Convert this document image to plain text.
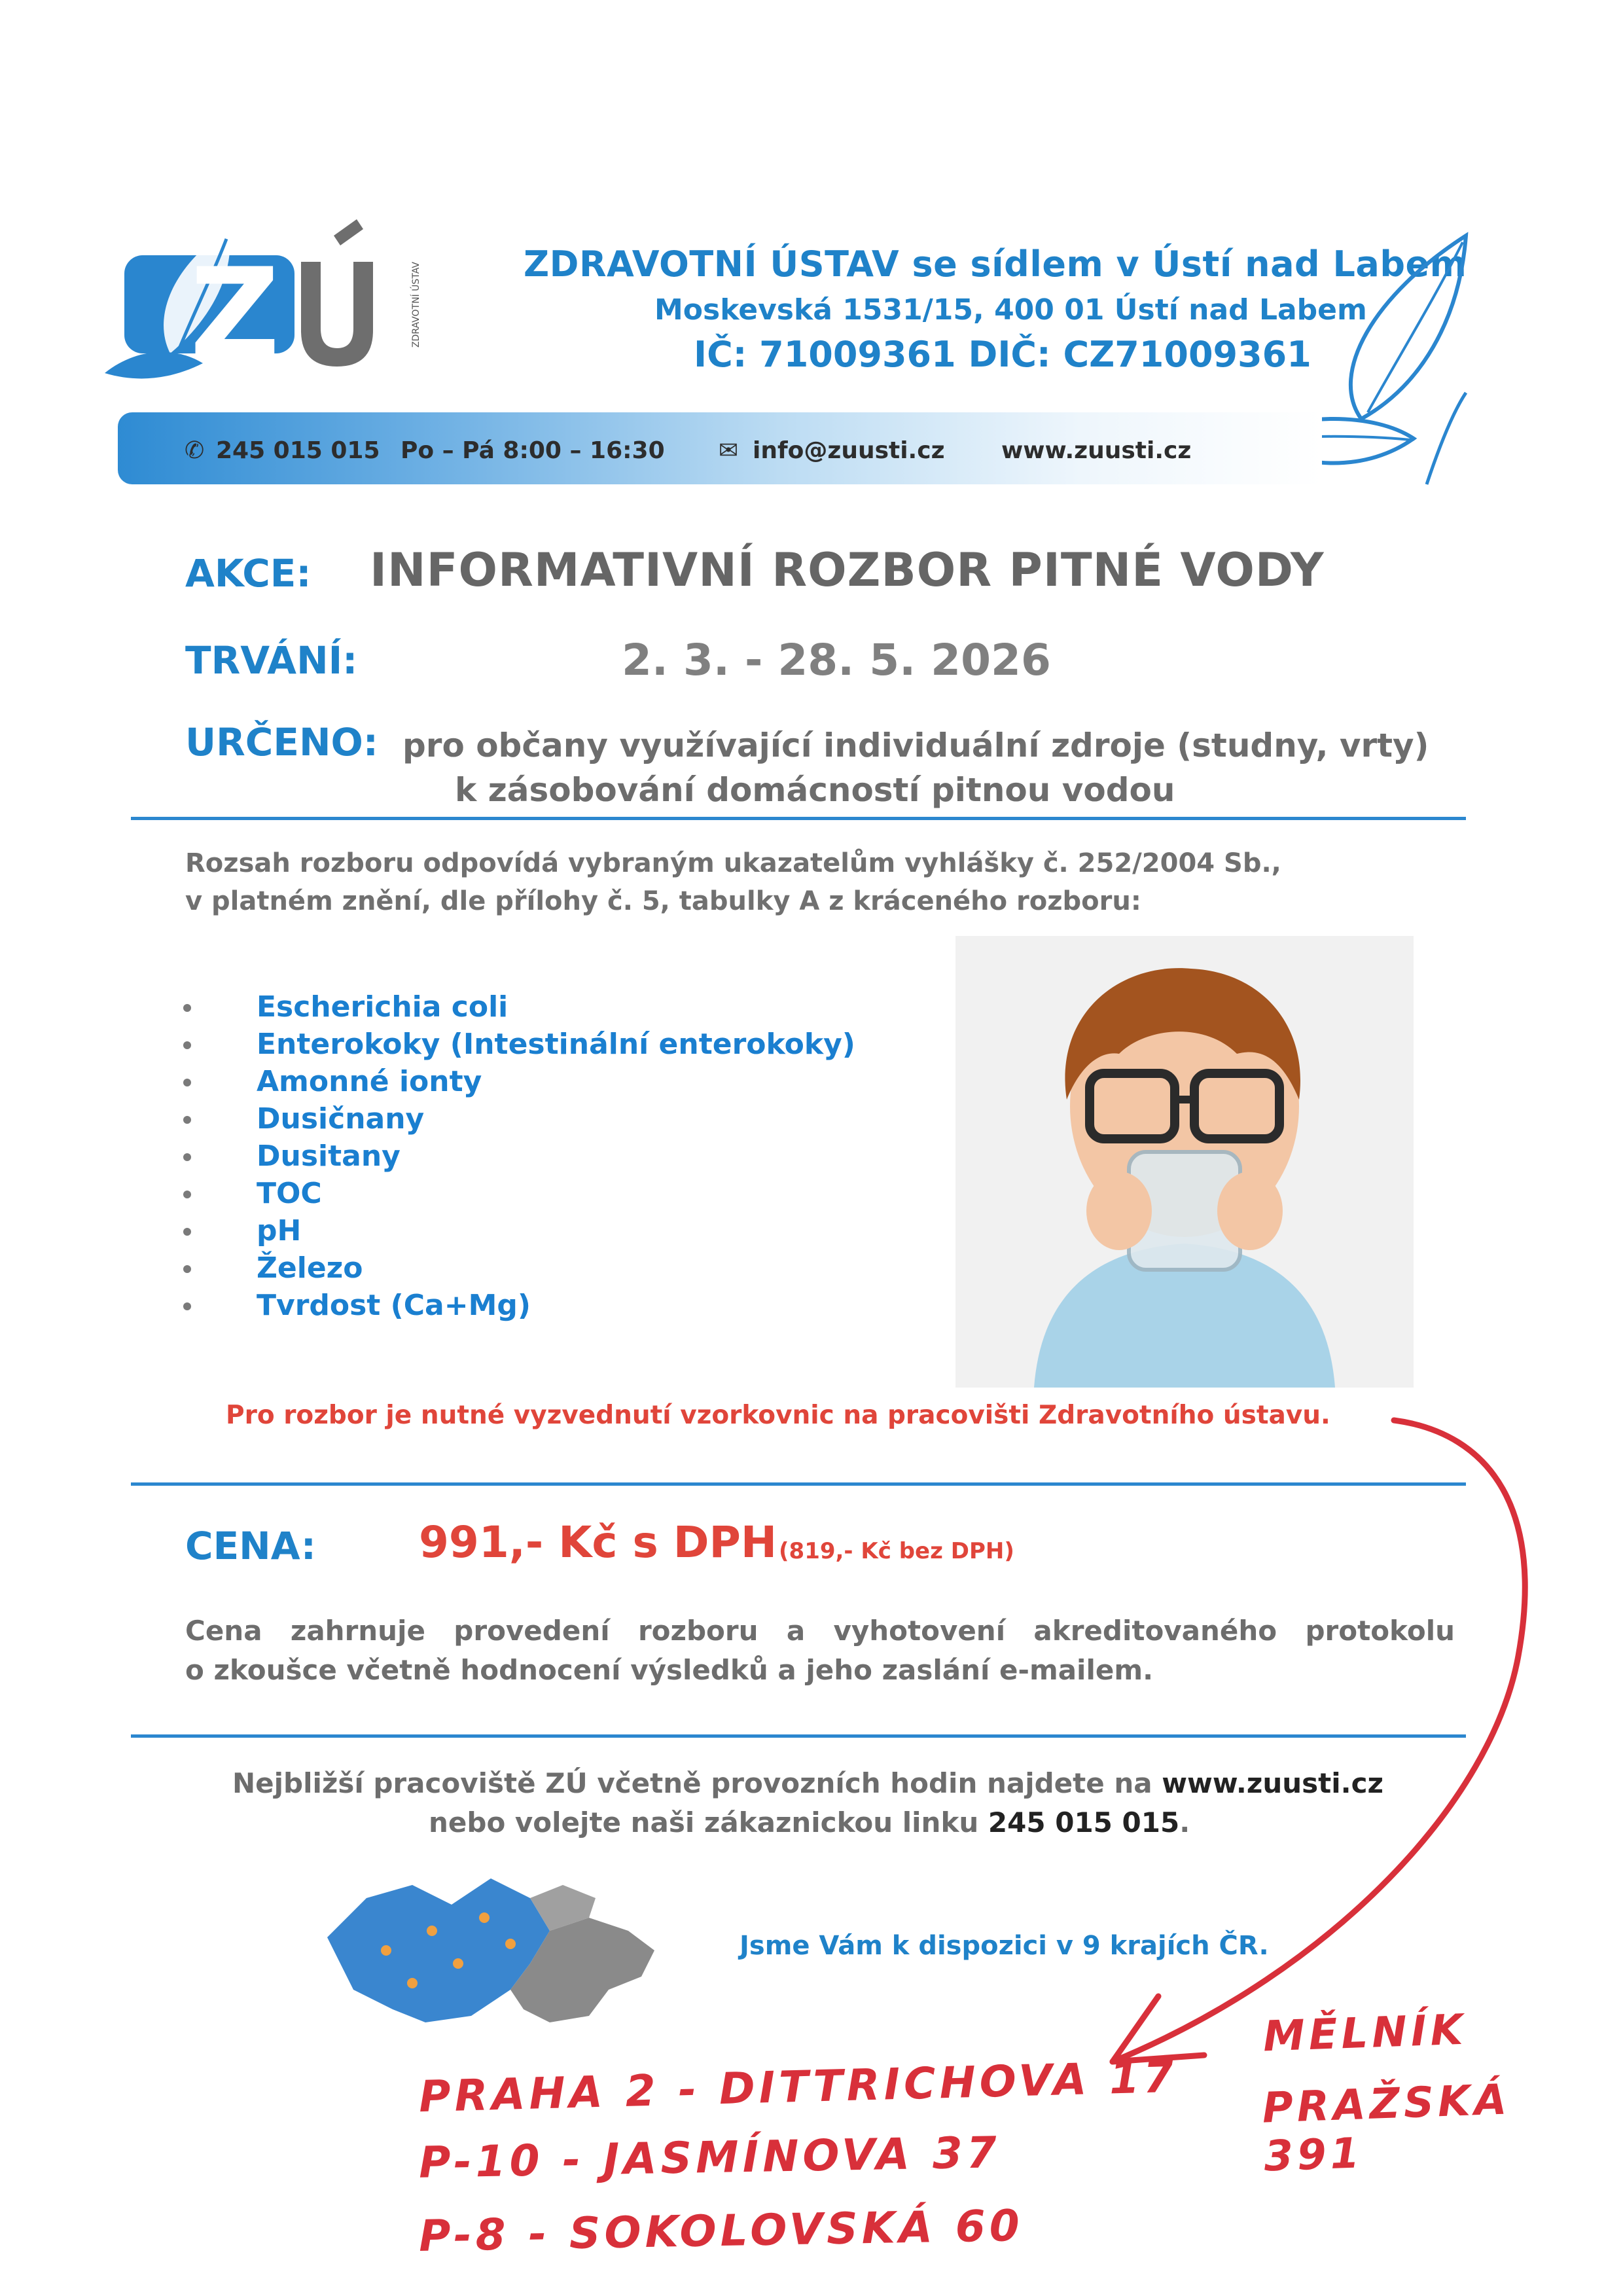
Z	ZDRAVOTNÍ ÚSTAV	ZDRAVOTNÍ ÚSTAV se sídlem v Ústí nad Labem
Moskevská 1531/15, 400 01 Ústí nad Labem
IČ: 71009361 DIČ: CZ71009361
✆ 245 015 015 Po – Pá 8:00 – 16:30 ✉ info@zuusti.cz www.zuusti.cz
AKCE: INFORMATIVNÍ ROZBOR PITNÉ VODY
TRVÁNÍ:	2. 3. - 28. 5. 2026
URČENO: pro občany využívající individuální zdroje (studny, vrty)
k zásobování domácností pitnou vodou
Rozsah rozboru odpovídá vybraným ukazatelům vyhlášky č. 252/2004 Sb.,
v platném znění, dle přílohy č. 5, tabulky A z kráceného rozboru:
Escherichia coli
Enterokoky (Intestinální enterokoky)
Amonné ionty
Dusičnany
Dusitany
TOC
pH
Železo
Tvrdost (Ca+Mg)
Pro rozbor je nutné vyzvednutí vzorkovnic na pracovišti Zdravotního ústavu.
CENA: 991,- Kč s DPH (819,- Kč bez DPH)
Cena zahrnuje provedení rozboru a vyhotovení akreditovaného protokolu
o zkoušce včetně hodnocení výsledků a jeho zaslání e-mailem.
Nejbližší pracoviště ZÚ včetně provozních hodin najdete na www.zuusti.cz
nebo volejte naši zákaznickou linku 245 015 015.
Jsme Vám k dispozici v 9 krajích ČR.
PRAHA 2 - DITTRICHOVA 17
P-10 - JASMÍNOVA 37
P-8 - SOKOLOVSKÁ 60
MĚLNÍK
PRAŽSKÁ 391
